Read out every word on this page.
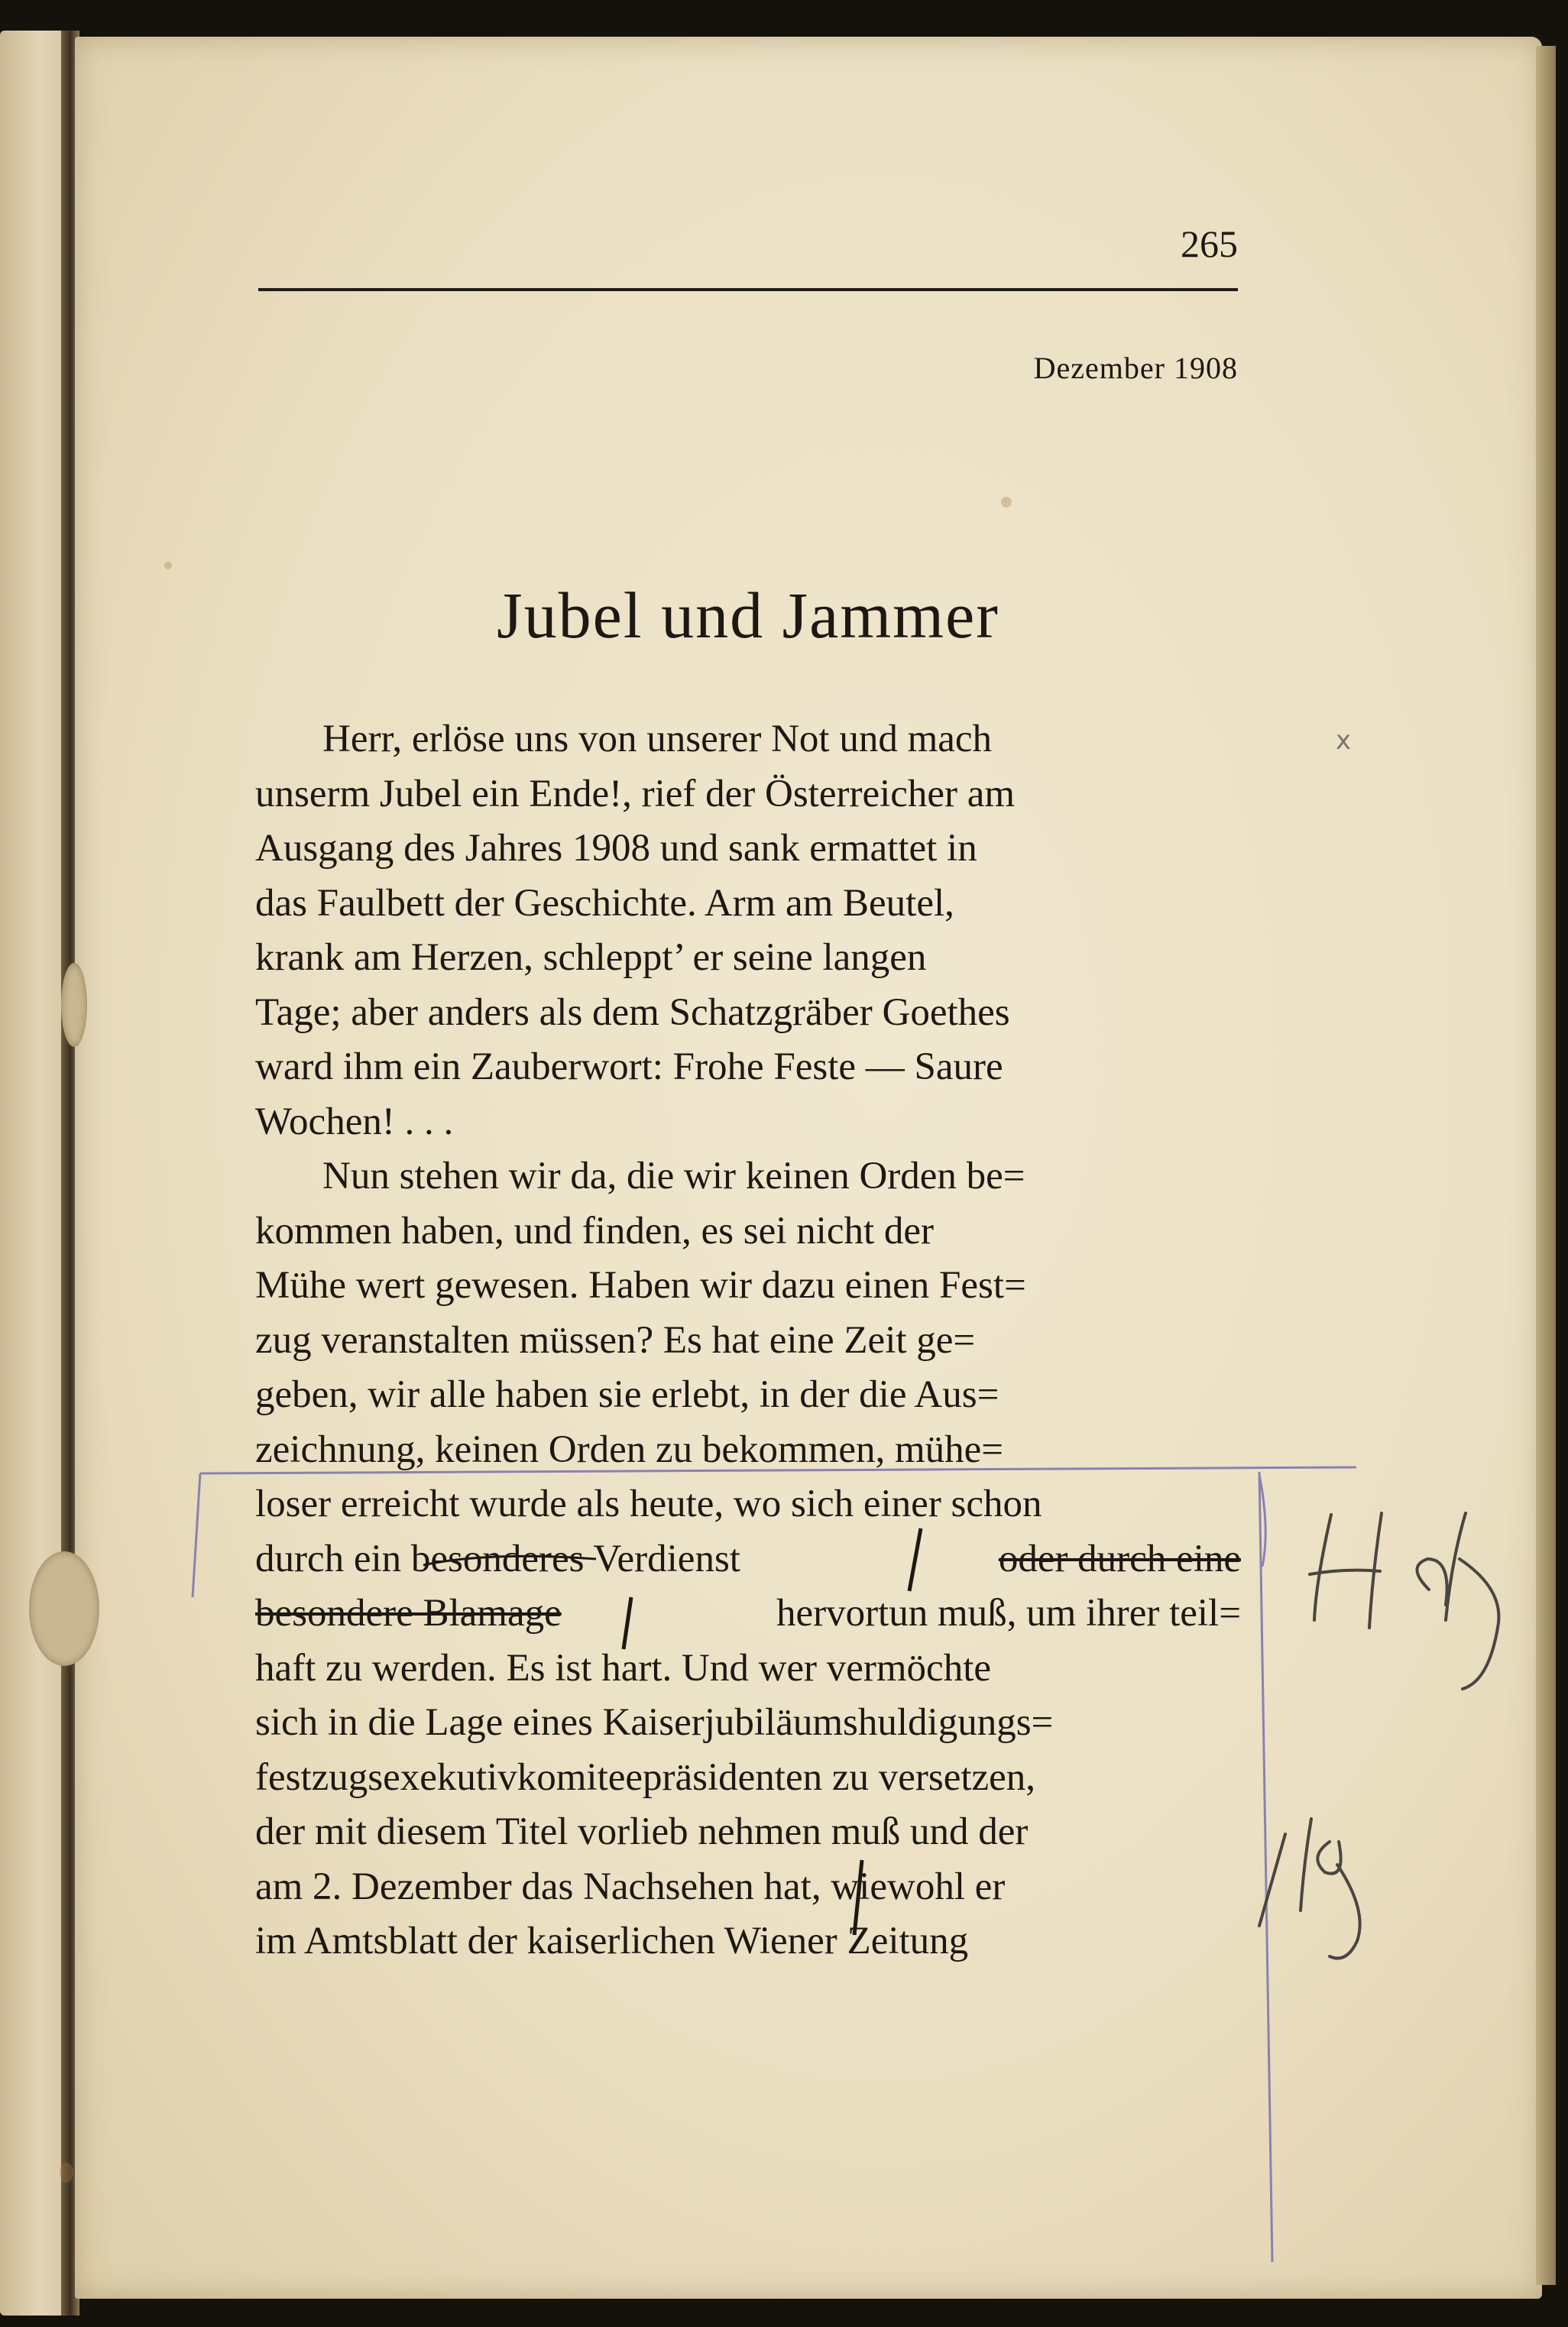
265
Dezember 1908
Jubel und Jammer
Herr, erlöse uns von unserer Not und mach
unserm Jubel ein Ende!, rief der Österreicher am
Ausgang des Jahres 1908 und sank ermattet in
das Faulbett der Geschichte. Arm am Beutel,
krank am Herzen, schleppt’ er seine langen
Tage; aber anders als dem Schatzgräber Goethes
ward ihm ein Zauberwort: Frohe Feste — Saure
Wochen! . . .
Nun stehen wir da, die wir keinen Orden be=
kommen haben, und finden, es sei nicht der
Mühe wert gewesen. Haben wir dazu einen Fest=
zug veranstalten müssen? Es hat eine Zeit ge=
geben, wir alle haben sie erlebt, in der die Aus=
zeichnung, keinen Orden zu bekommen, mühe=
loser erreicht wurde als heute, wo sich einer schon
durch ein besonderes Verdienst	oder durch eine
besondere Blamage	hervortun muß, um ihrer teil=
haft zu werden. Es ist hart. Und wer vermöchte
sich in die Lage eines Kaiserjubiläumshuldigungs=
festzugsexekutivkomiteepräsidenten zu versetzen,
der mit diesem Titel vorlieb nehmen muß und der
am 2. Dezember das Nachsehen hat, wiewohl er
im Amtsblatt der kaiserlichen Wiener Zeitung
x
